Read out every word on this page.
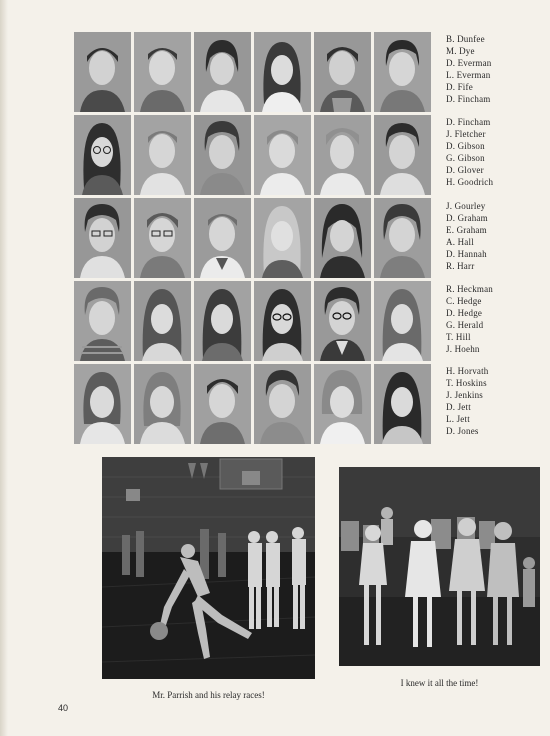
B. Dunfee
M. Dye
D. Everman
L. Everman
D. Fife
D. Fincham
D. Fincham
J. Fletcher
D. Gibson
G. Gibson
D. Glover
H. Goodrich
J. Gourley
D. Graham
E. Graham
A. Hall
D. Hannah
R. Harr
R. Heckman
C. Hedge
D. Hedge
G. Herald
T. Hill
J. Hoehn
H. Horvath
T. Hoskins
J. Jenkins
D. Jett
L. Jett
D. Jones
Mr. Parrish and his relay races!
I knew it all the time!
40
